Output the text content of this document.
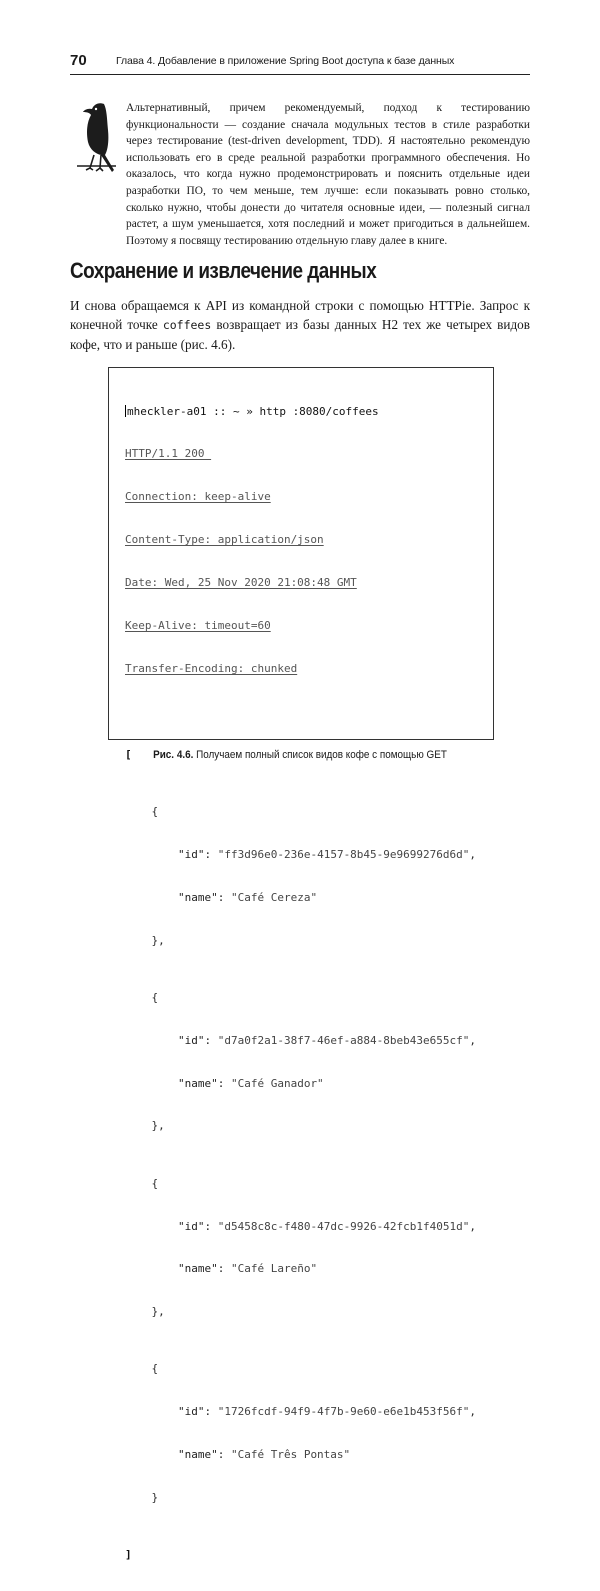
70	Глава 4. Добавление в приложение Spring Boot доступа к базе данных
Альтернативный, причем рекомендуемый, подход к тестированию функциональности — создание сначала модульных тестов в стиле разработки через тестирование (test-driven development, TDD). Я настоятельно рекомендую использовать его в среде реальной разработки программного обеспечения. Но оказалось, что когда нужно продемонстрировать и пояснить отдельные идеи разработки ПО, то чем меньше, тем лучше: если показывать ровно столько, сколько нужно, чтобы донести до читателя основные идеи, — полезный сигнал растет, а шум уменьшается, хотя последний и может пригодиться в дальнейшем. Поэтому я посвящу тестированию отдельную главу далее в книге.
Сохранение и извлечение данных
И снова обращаемся к API из командной строки с помощью HTTPie. Запрос к конечной точке coffees возвращает из базы данных H2 тех же четырех видов кофе, что и раньше (рис. 4.6).

mheckler-a01 :: ~ » http :8080/coffees

HTTP/1.1 200

Connection: keep-alive

Content-Type: application/json

Date: Wed, 25 Nov 2020 21:08:48 GMT

Keep-Alive: timeout=60

Transfer-Encoding: chunked

[

{

"id": "ff3d96e0-236e-4157-8b45-9e9699276d6d",

"name": "Café Cereza"

},

{

"id": "d7a0f2a1-38f7-46ef-a884-8beb43e655cf",

"name": "Café Ganador"

},

{

"id": "d5458c8c-f480-47dc-9926-42fcb1f4051d",

"name": "Café Lareño"

},

{

"id": "1726fcdf-94f9-4f7b-9e60-e6e1b453f56f",

"name": "Café Três Pontas"

}

]

Рис. 4.6. Получаем полный список видов кофе с помощью GET
